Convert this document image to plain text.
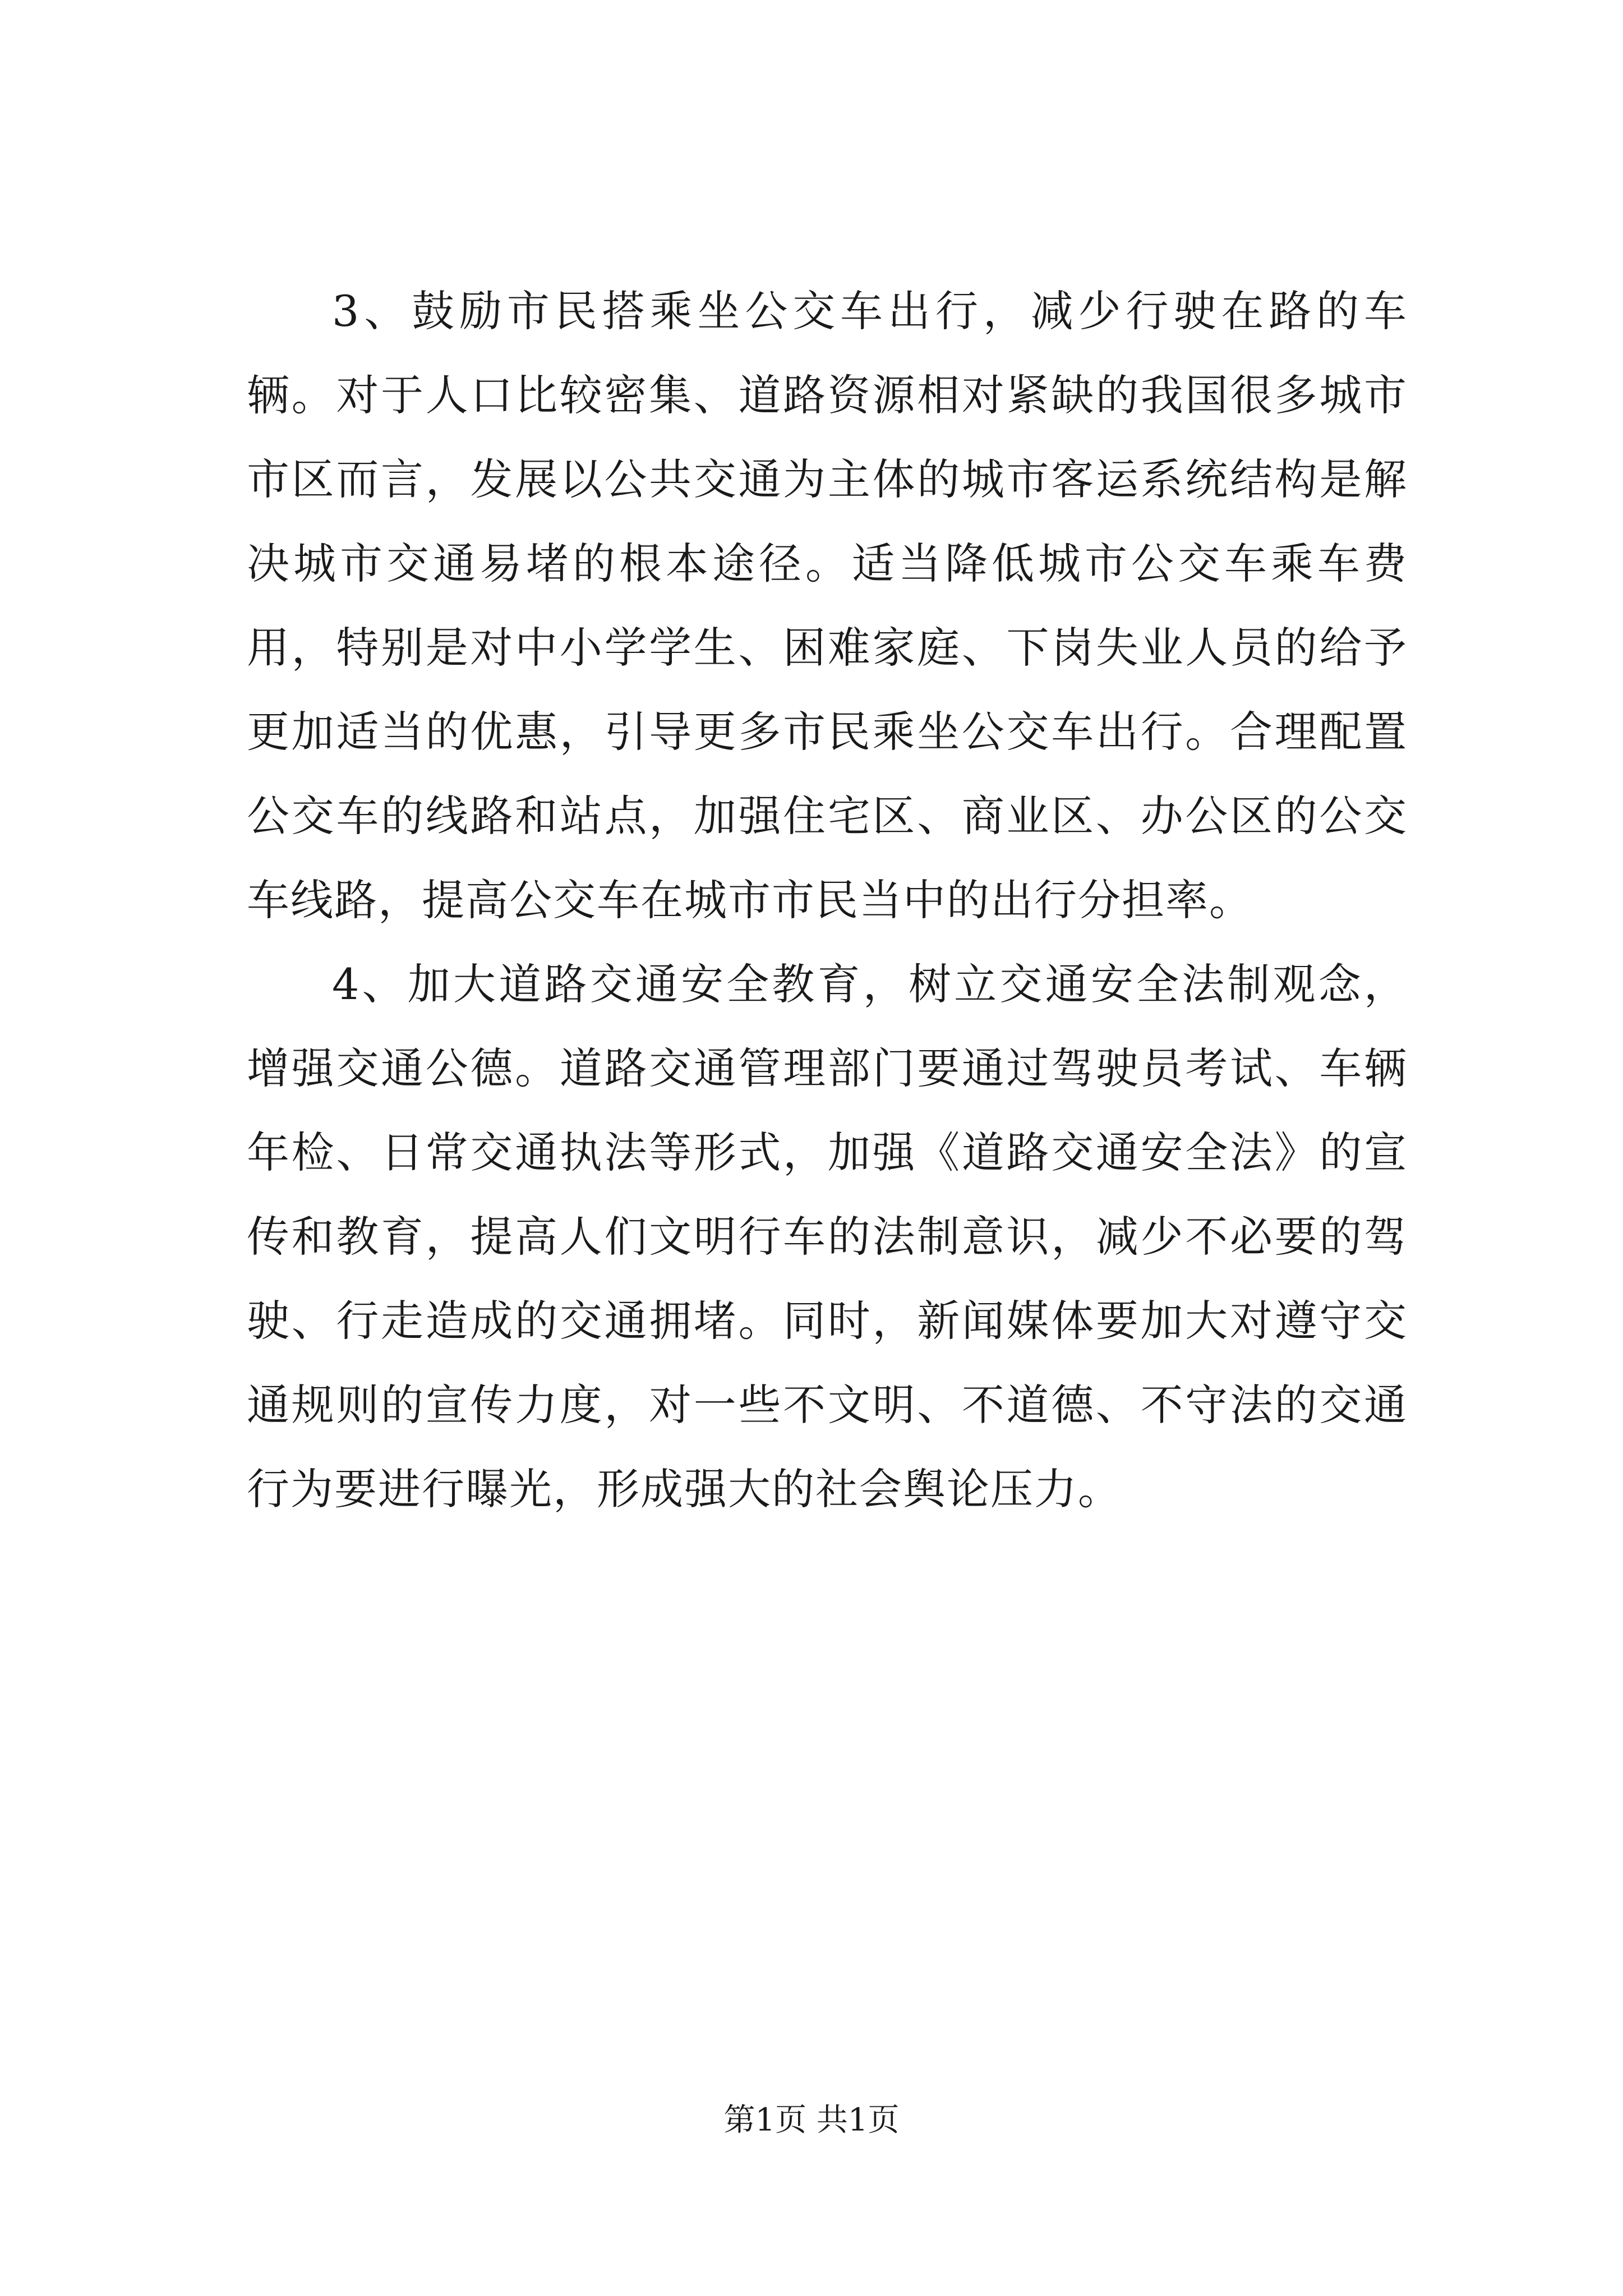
3、鼓励市民搭乘坐公交车出行，减少行驶在路的车辆。对于人口比较密集、道路资源相对紧缺的我国很多城市市区而言，发展以公共交通为主体的城市客运系统结构是解决城市交通易堵的根本途径。适当降低城市公交车乘车费用，特别是对中小学学生、困难家庭、下岗失业人员的给予更加适当的优惠，引导更多市民乘坐公交车出行。合理配置公交车的线路和站点，加强住宅区、商业区、办公区的公交车线路，提高公交车在城市市民当中的出行分担率。

4、加大道路交通安全教育，树立交通安全法制观念，增强交通公德。道路交通管理部门要通过驾驶员考试、车辆年检、日常交通执法等形式，加强《道路交通安全法》的宣传和教育，提高人们文明行车的法制意识，减少不必要的驾驶、行走造成的交通拥堵。同时，新闻媒体要加大对遵守交通规则的宣传力度，对一些不文明、不道德、不守法的交通行为要进行曝光，形成强大的社会舆论压力。

第1页 共1页
